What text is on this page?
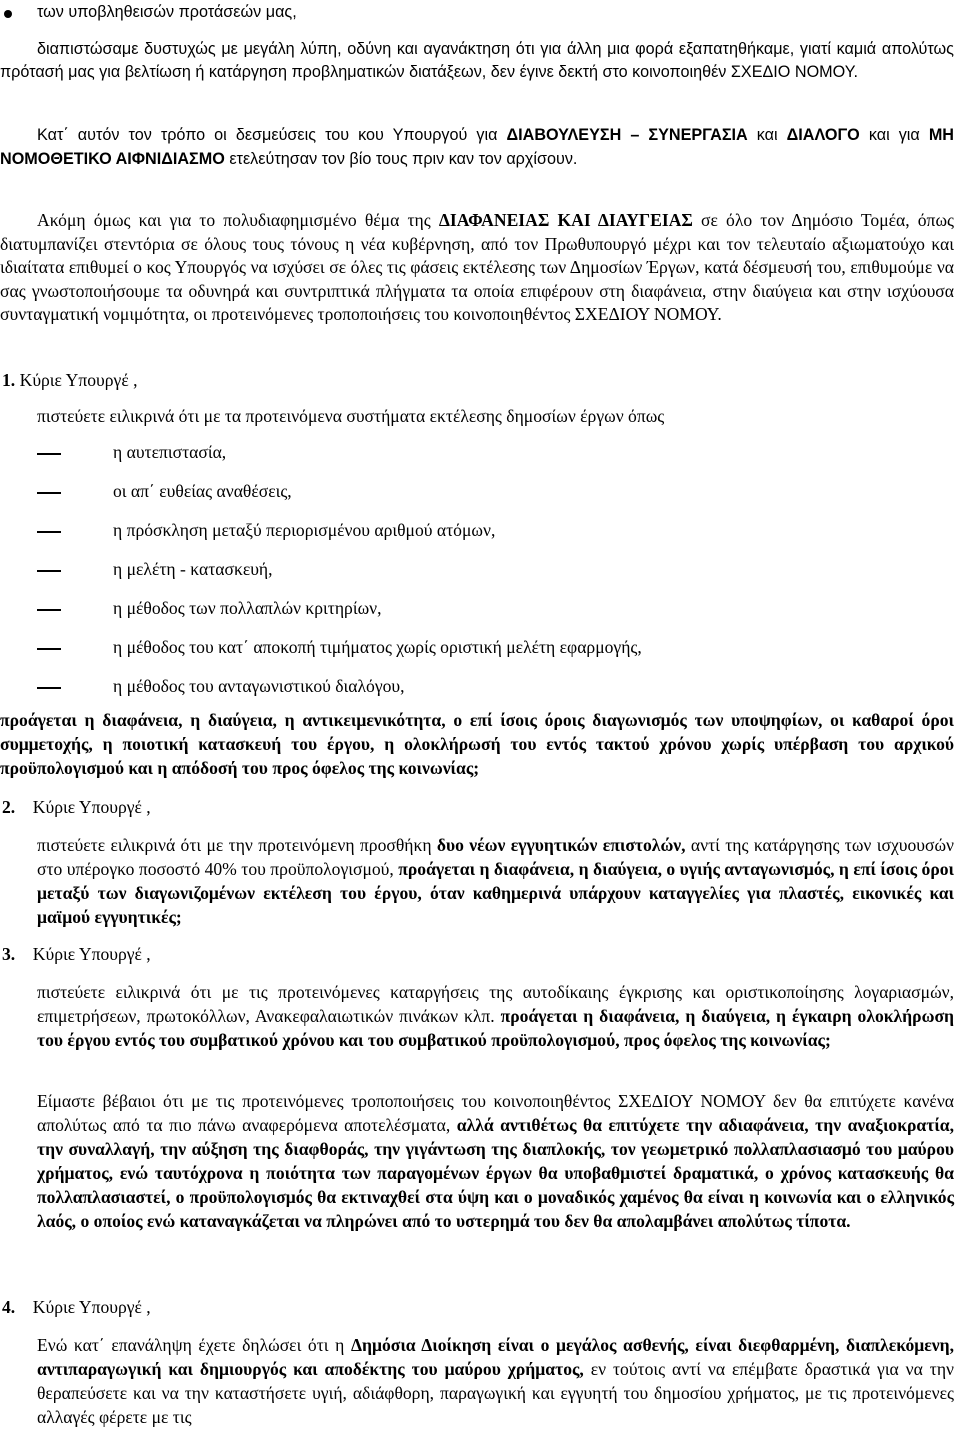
των υποβληθεισών προτάσεών μας,

διαπιστώσαμε δυστυχώς με μεγάλη λύπη, οδύνη και αγανάκτηση ότι για άλλη μια φορά εξαπατηθήκαμε, γιατί καμιά απολύτως πρότασή μας για βελτίωση ή κατάργηση προβληματικών διατάξεων, δεν έγινε δεκτή στο κοινοποιηθέν ΣΧΕΔΙΟ ΝΟΜΟΥ.

Κατ΄ αυτόν τον τρόπο οι δεσμεύσεις του κου Υπουργού για ΔΙΑΒΟΥΛΕΥΣΗ – ΣΥΝΕΡΓΑΣΙΑ και ΔΙΑΛΟΓΟ και για ΜΗ ΝΟΜΟΘΕΤΙΚΟ ΑΙΦΝΙΔΙΑΣΜΟ ετελεύτησαν τον βίο τους πριν καν τον αρχίσουν.

Ακόμη όμως και για το πολυδιαφημισμένο θέμα της ΔΙΑΦΑΝΕΙΑΣ ΚΑΙ ΔΙΑΥΓΕΙΑΣ σε όλο τον Δημόσιο Τομέα, όπως διατυμπανίζει στεντόρια σε όλους τους τόνους η νέα κυβέρνηση, από τον Πρωθυπουργό μέχρι και τον τελευταίο αξιωματούχο και ιδιαίτατα επιθυμεί ο κος Υπουργός να ισχύσει σε όλες τις φάσεις εκτέλεσης των Δημοσίων Έργων, κατά δέσμευσή του, επιθυμούμε να σας γνωστοποιήσουμε τα οδυνηρά και συντριπτικά πλήγματα τα οποία επιφέρουν στη διαφάνεια, στην διαύγεια και στην ισχύουσα συνταγματική νομιμότητα, οι προτεινόμενες τροποποιήσεις του κοινοποιηθέντος ΣΧΕΔΙΟΥ ΝΟΜΟΥ.

1. Κύριε Υπουργέ ,
πιστεύετε ειλικρινά ότι με τα προτεινόμενα συστήματα εκτέλεσης δημοσίων έργων όπως
η αυτεπιστασία,
οι απ΄ ευθείας αναθέσεις,
η πρόσκληση μεταξύ περιορισμένου αριθμού ατόμων,
η μελέτη - κατασκευή,
η μέθοδος των πολλαπλών κριτηρίων,
η μέθοδος του κατ΄ αποκοπή τιμήματος χωρίς οριστική μελέτη εφαρμογής,
η μέθοδος του ανταγωνιστικού διαλόγου,

προάγεται η διαφάνεια, η διαύγεια, η αντικειμενικότητα, ο επί ίσοις όροις διαγωνισμός των υποψηφίων, οι καθαροί όροι συμμετοχής, η ποιοτική κατασκευή του έργου, η ολοκλήρωσή του εντός τακτού χρόνου χωρίς υπέρβαση του αρχικού προϋπολογισμού και η απόδοσή του προς όφελος της κοινωνίας;

2. Κύριε Υπουργέ ,

πιστεύετε ειλικρινά ότι με την προτεινόμενη προσθήκη δυο νέων εγγυητικών επιστολών, αντί της κατάργησης των ισχυουσών στο υπέρογκο ποσοστό 40% του προϋπολογισμού, προάγεται η διαφάνεια, η διαύγεια, ο υγιής ανταγωνισμός, η επί ίσοις όροι μεταξύ των διαγωνιζομένων εκτέλεση του έργου, όταν καθημερινά υπάρχουν καταγγελίες για πλαστές, εικονικές και μαϊμού εγγυητικές;

3. Κύριε Υπουργέ ,

πιστεύετε ειλικρινά ότι με τις προτεινόμενες καταργήσεις της αυτοδίκαιης έγκρισης και οριστικοποίησης λογαριασμών, επιμετρήσεων, πρωτοκόλλων, Ανακεφαλαιωτικών πινάκων κλπ. προάγεται η διαφάνεια, η διαύγεια, η έγκαιρη ολοκλήρωση του έργου εντός του συμβατικού χρόνου και του συμβατικού προϋπολογισμού, προς όφελος της κοινωνίας;

Είμαστε βέβαιοι ότι με τις προτεινόμενες τροποποιήσεις του κοινοποιηθέντος ΣΧΕΔΙΟΥ ΝΟΜΟΥ δεν θα επιτύχετε κανένα απολύτως από τα πιο πάνω αναφερόμενα αποτελέσματα, αλλά αντιθέτως θα επιτύχετε την αδιαφάνεια, την αναξιοκρατία, την συναλλαγή, την αύξηση της διαφθοράς, την γιγάντωση της διαπλοκής, τον γεωμετρικό πολλαπλασιασμό του μαύρου χρήματος, ενώ ταυτόχρονα η ποιότητα των παραγομένων έργων θα υποβαθμιστεί δραματικά, ο χρόνος κατασκευής θα πολλαπλασιαστεί, ο προϋπολογισμός θα εκτιναχθεί στα ύψη και ο μοναδικός χαμένος θα είναι η κοινωνία και ο ελληνικός λαός, ο οποίος ενώ καταναγκάζεται να πληρώνει από το υστερημά του δεν θα απολαμβάνει απολύτως τίποτα.

4. Κύριε Υπουργέ ,

Ενώ κατ΄ επανάληψη έχετε δηλώσει ότι η Δημόσια Διοίκηση είναι ο μεγάλος ασθενής, είναι διεφθαρμένη, διαπλεκόμενη, αντιπαραγωγική και δημιουργός και αποδέκτης του μαύρου χρήματος, εν τούτοις αντί να επέμβατε δραστικά για να την θεραπεύσετε και να την καταστήσετε υγιή, αδιάφθορη, παραγωγική και εγγυητή του δημοσίου χρήματος, με τις προτεινόμενες αλλαγές φέρετε με τις
